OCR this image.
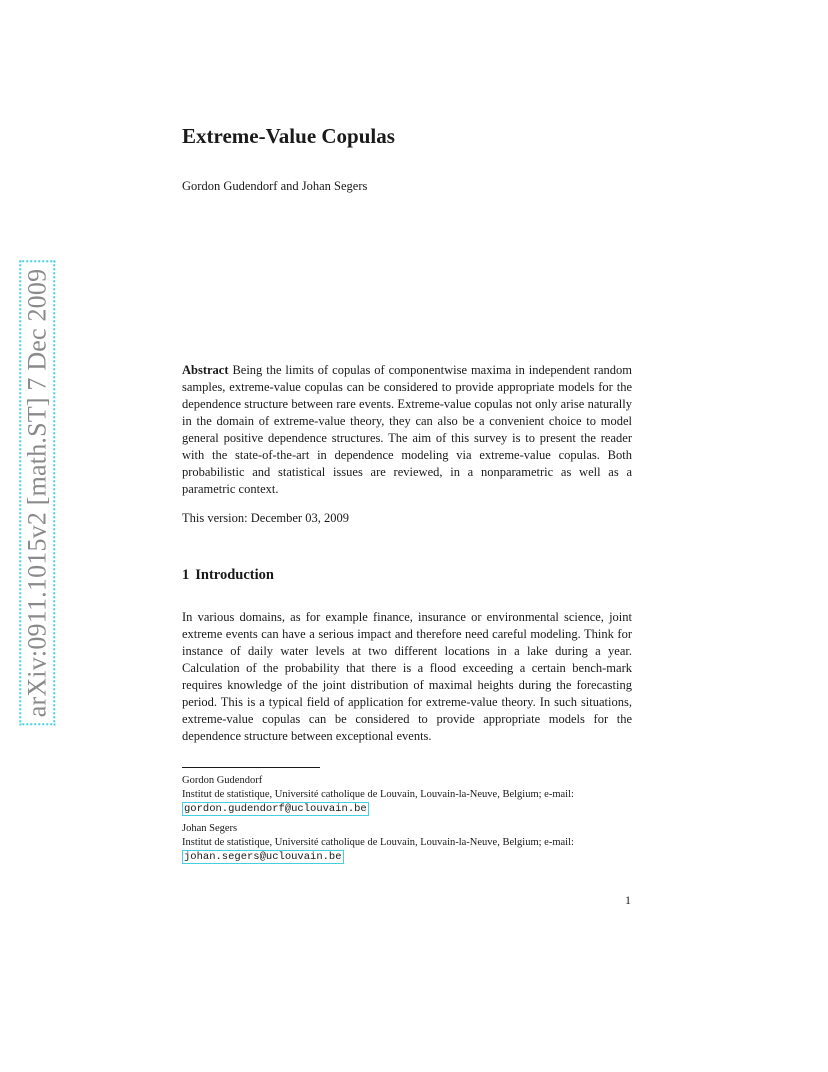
arXiv:0911.1015v2 [math.ST] 7 Dec 2009
Extreme-Value Copulas
Gordon Gudendorf and Johan Segers

Abstract Being the limits of copulas of componentwise maxima in independent random samples, extreme-value copulas can be considered to provide appropriate models for the dependence structure between rare events. Extreme-value copulas not only arise naturally in the domain of extreme-value theory, they can also be a convenient choice to model general positive dependence structures. The aim of this survey is to present the reader with the state-of-the-art in dependence modeling via extreme-value copulas. Both probabilistic and statistical issues are reviewed, in a nonparametric as well as a parametric context.

This version: December 03, 2009
1 Introduction

In various domains, as for example finance, insurance or environmental science, joint extreme events can have a serious impact and therefore need careful modeling. Think for instance of daily water levels at two different locations in a lake during a year. Calculation of the probability that there is a flood exceeding a certain bench-mark requires knowledge of the joint distribution of maximal heights during the forecasting period. This is a typical field of application for extreme-value theory. In such situations, extreme-value copulas can be considered to provide appropriate models for the dependence structure between exceptional events.

Gordon Gudendorf
Institut de statistique, Université catholique de Louvain, Louvain-la-Neuve, Belgium; e-mail:
gordon.gudendorf@uclouvain.be
Johan Segers
Institut de statistique, Université catholique de Louvain, Louvain-la-Neuve, Belgium; e-mail:
johan.segers@uclouvain.be
1
